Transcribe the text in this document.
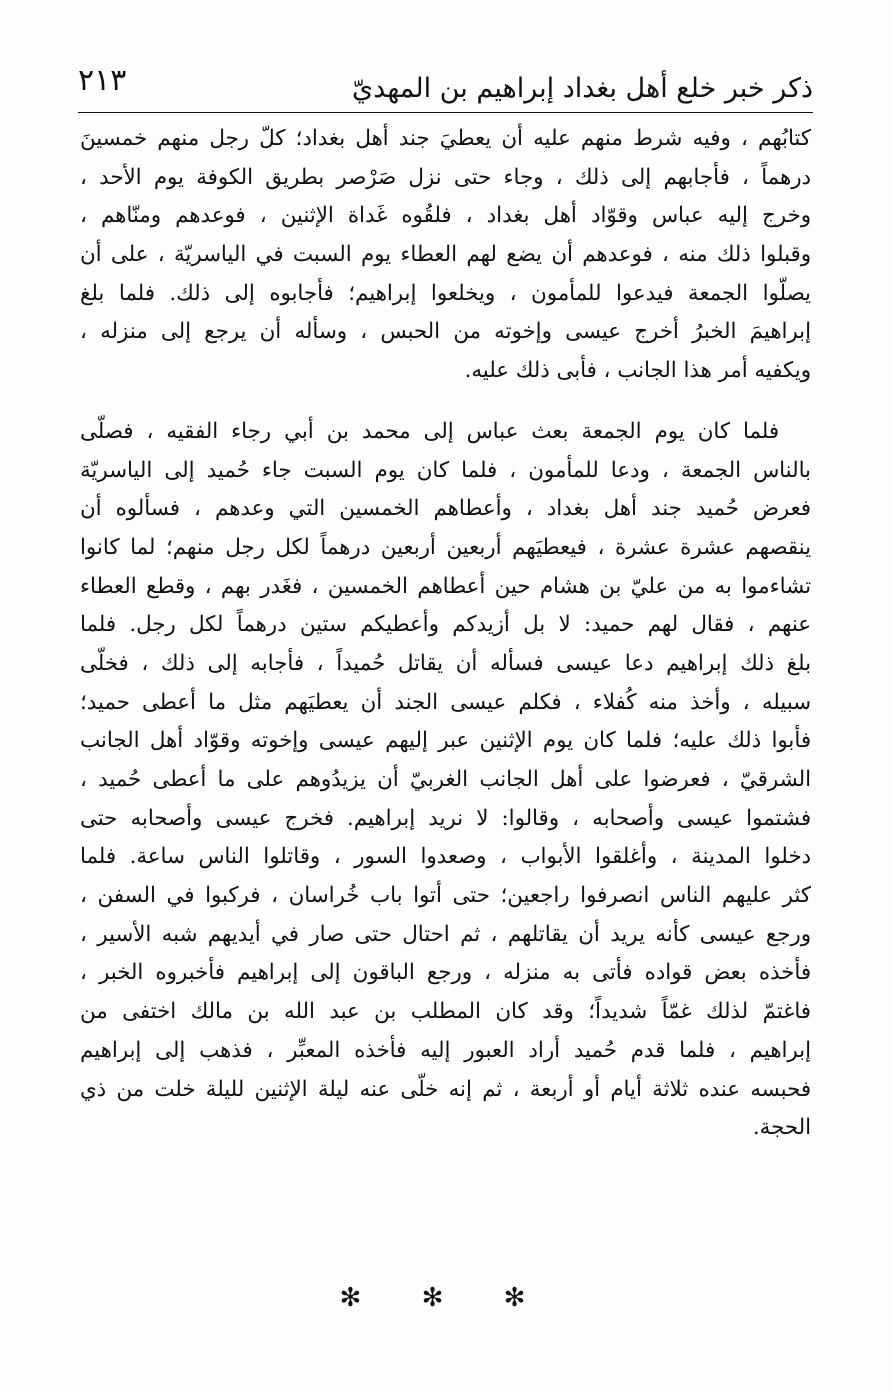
ذكر خبر خلع أهل بغداد إبراهيم بن المهديّ
٢١٣
كتابُهم ، وفيه شرط منهم عليه أن يعطيَ جند أهل بغداد؛ كلّ رجل منهم خمسينَ
درهماً ، فأجابهم إلى ذلك ، وجاء حتى نزل صَرْصر بطريق الكوفة يوم الأحد ،
وخرج إليه عباس وقوّاد أهل بغداد ، فلقُوه غَداة الإثنين ، فوعدهم ومنّاهم ،
وقبلوا ذلك منه ، فوعدهم أن يضع لهم العطاء يوم السبت في الياسريّة ، على أن
يصلّوا الجمعة فيدعوا للمأمون ، ويخلعوا إبراهيم؛ فأجابوه إلى ذلك. فلما بلغ
إبراهيمَ الخبرُ أخرج عيسى وإخوته من الحبس ، وسأله أن يرجع إلى منزله ،
ويكفيه أمر هذا الجانب ، فأبى ذلك عليه.
فلما كان يوم الجمعة بعث عباس إلى محمد بن أبي رجاء الفقيه ، فصلّى
بالناس الجمعة ، ودعا للمأمون ، فلما كان يوم السبت جاء حُميد إلى الياسريّة
فعرض حُميد جند أهل بغداد ، وأعطاهم الخمسين التي وعدهم ، فسألوه أن
ينقصهم عشرة عشرة ، فيعطيَهم أربعين أربعين درهماً لكل رجل منهم؛ لما كانوا
تشاءموا به من عليّ بن هشام حين أعطاهم الخمسين ، فغَدر بهم ، وقطع العطاء
عنهم ، فقال لهم حميد: لا بل أزيدكم وأعطيكم ستين درهماً لكل رجل. فلما
بلغ ذلك إبراهيم دعا عيسى فسأله أن يقاتل حُميداً ، فأجابه إلى ذلك ، فخلّى
سبيله ، وأخذ منه كُفلاء ، فكلم عيسى الجند أن يعطيَهم مثل ما أعطى حميد؛
فأبوا ذلك عليه؛ فلما كان يوم الإثنين عبر إليهم عيسى وإخوته وقوّاد أهل الجانب
الشرقيّ ، فعرضوا على أهل الجانب الغربيّ أن يزيدُوهم على ما أعطى حُميد ،
فشتموا عيسى وأصحابه ، وقالوا: لا نريد إبراهيم. فخرج عيسى وأصحابه حتى
دخلوا المدينة ، وأغلقوا الأبواب ، وصعدوا السور ، وقاتلوا الناس ساعة. فلما
كثر عليهم الناس انصرفوا راجعين؛ حتى أتوا باب خُراسان ، فركبوا في السفن ،
ورجع عيسى كأنه يريد أن يقاتلهم ، ثم احتال حتى صار في أيديهم شبه الأسير ،
فأخذه بعض قواده فأتى به منزله ، ورجع الباقون إلى إبراهيم فأخبروه الخبر ،
فاغتمّ لذلك غمّاً شديداً؛ وقد كان المطلب بن عبد الله بن مالك اختفى من
إبراهيم ، فلما قدم حُميد أراد العبور إليه فأخذه المعبِّر ، فذهب إلى إبراهيم
فحبسه عنده ثلاثة أيام أو أربعة ، ثم إنه خلّى عنه ليلة الإثنين لليلة خلت من ذي
الحجة.
✻ ✻ ✻
